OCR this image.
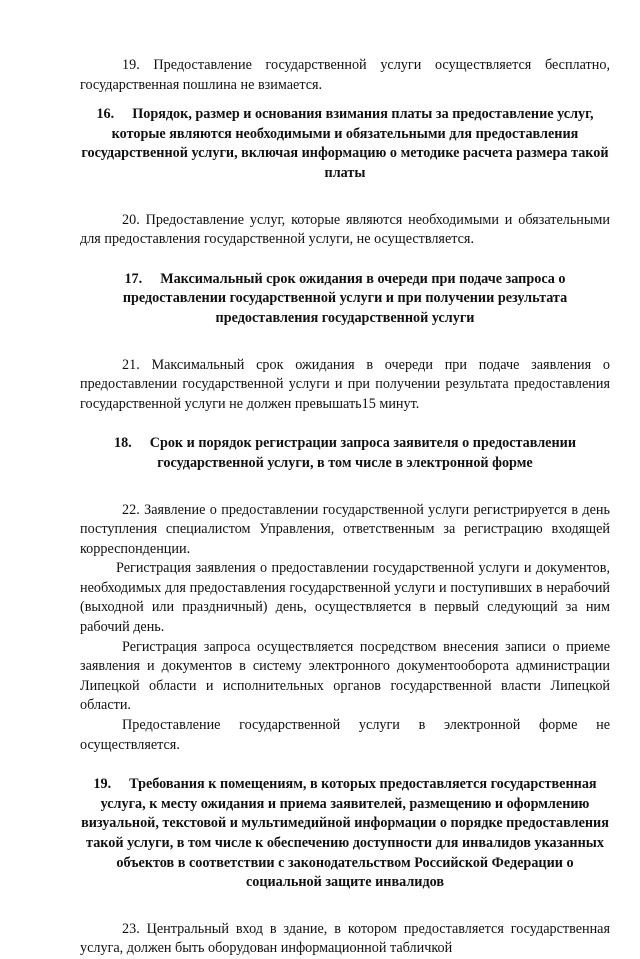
19. Предоставление государственной услуги осуществляется бесплатно, государственная пошлина не взимается.

16. Порядок, размер и основания взимания платы за предоставление услуг, которые являются необходимыми и обязательными для предоставления государственной услуги, включая информацию о методике расчета размера такой платы

20. Предоставление услуг, которые являются необходимыми и обязательными для предоставления государственной услуги, не осуществляется.

17. Максимальный срок ожидания в очереди при подаче запроса о предоставлении государственной услуги и при получении результата предоставления государственной услуги

21. Максимальный срок ожидания в очереди при подаче заявления о предоставлении государственной услуги и при получении результата предоставления государственной услуги не должен превышать15 минут.

18. Срок и порядок регистрации запроса заявителя о предоставлении государственной услуги, в том числе в электронной форме

22. Заявление о предоставлении государственной услуги регистрируется в день поступления специалистом Управления, ответственным за регистрацию входящей корреспонденции.

Регистрация заявления о предоставлении государственной услуги и документов, необходимых для предоставления государственной услуги и поступивших в нерабочий (выходной или праздничный) день, осуществляется в первый следующий за ним рабочий день.

Регистрация запроса осуществляется посредством внесения записи о приеме заявления и документов в систему электронного документооборота администрации Липецкой области и исполнительных органов государственной власти Липецкой области.

Предоставление государственной услуги в электронной форме не осуществляется.

19. Требования к помещениям, в которых предоставляется государственная услуга, к месту ожидания и приема заявителей, размещению и оформлению визуальной, текстовой и мультимедийной информации о порядке предоставления такой услуги, в том числе к обеспечению доступности для инвалидов указанных объектов в соответствии с законодательством Российской Федерации о социальной защите инвалидов

23. Центральный вход в здание, в котором предоставляется государственная услуга, должен быть оборудован информационной табличкой
